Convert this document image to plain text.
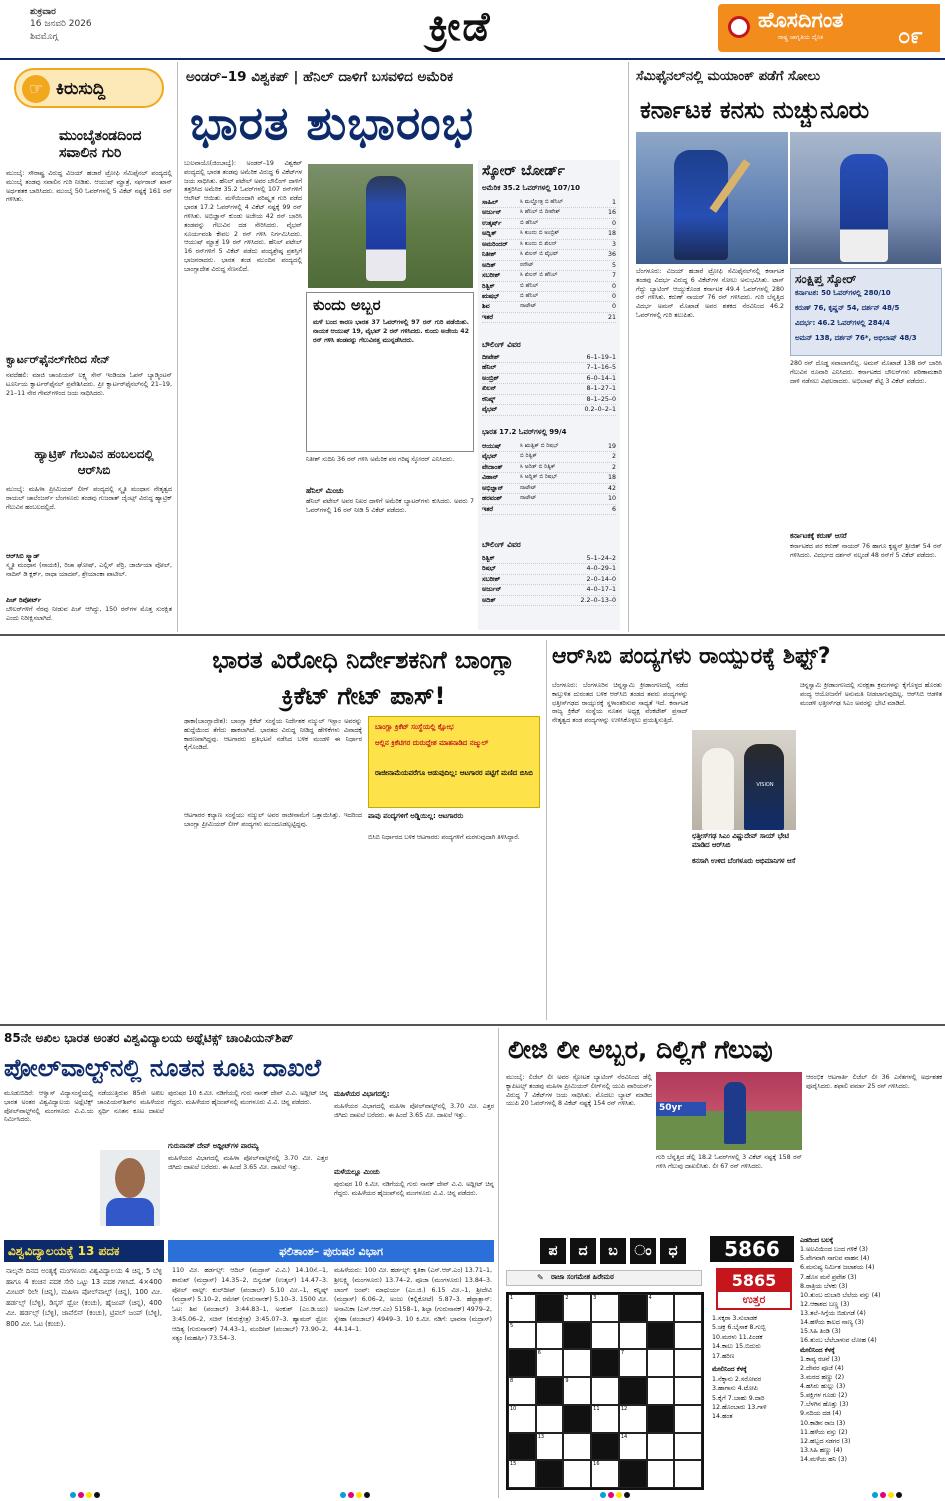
ಶುಕ್ರವಾರ
16 ಜನವರಿ 2026
ಶಿವಮೊಗ್ಗ	ಕ್ರೀಡೆ	ಹೊಸದಿಗಂತ
ರಾಷ್ಟ್ರ ಜಾಗೃತಿಯ ದೈನಿಕ	೦೯
☞ ಕಿರುಸುದ್ದಿ
ಮುಂಬೈತಂಡದಿಂದ ಸವಾಲಿನ ಗುರಿ
ಮುಂಬೈ: ಸೌರಾಷ್ಟ್ರ ವಿರುದ್ಧ ವಿಜಯ್ ಹಜಾರೆ ಟ್ರೋಫಿ ಸೆಮಿಫೈನಲ್ ಪಂದ್ಯದಲ್ಲಿ ಮುಂಬೈ ತಂಡವು ಸವಾಲಿನ ಗುರಿ ನೀಡಿತು. ಆಯುಷ್ ಮ್ಹಾತ್ರೆ, ಸರ್ಫರಾಜ್ ಖಾನ್ ಅರ್ಧಶತಕ ಬಾರಿಸಿದರು. ಮುಂಬೈ 50 ಓವರ್‌ಗಳಲ್ಲಿ 5 ವಿಕೆಟ್ ನಷ್ಟಕ್ಕೆ 161 ರನ್ ಗಳಿಸಿತು.
ಕ್ವಾರ್ಟರ್‌ಫೈನಲ್‌ಗೇರಿದ ಸೇನ್
ನವದೆಹಲಿ: ಮಾಜಿ ಚಾಂಪಿಯನ್ ಲಕ್ಷ್ಯ ಸೇನ್ ಇಂಡಿಯಾ ಓಪನ್ ಬ್ಯಾಡ್ಮಿಂಟನ್ ಟೂರ್ನಿಯ ಕ್ವಾರ್ಟರ್‌ಫೈನಲ್ ಪ್ರವೇಶಿಸಿದರು. ಪ್ರೀ ಕ್ವಾರ್ಟರ್‌ಫೈನಲ್‌ನಲ್ಲಿ 21–19, 21–11 ನೇರ ಗೇಮ್‌ಗಳಿಂದ ಜಯ ಸಾಧಿಸಿದರು.
ಹ್ಯಾಟ್ರಿಕ್ ಗೆಲುವಿನ ಹಂಬಲದಲ್ಲಿ ಆರ್‌ಸಿಬಿ
ಮುಂಬೈ: ಮಹಿಳಾ ಪ್ರೀಮಿಯರ್ ಲೀಗ್ ಪಂದ್ಯದಲ್ಲಿ ಸ್ಮೃತಿ ಮಂಧಾನ ನೇತೃತ್ವದ ರಾಯಲ್ ಚಾಲೆಂಜರ್ಸ್ ಬೆಂಗಳೂರು ತಂಡವು ಗುಜರಾತ್ ಜೈಂಟ್ಸ್ ವಿರುದ್ಧ ಹ್ಯಾಟ್ರಿಕ್ ಗೆಲುವಿನ ಹಂಬಲದಲ್ಲಿದೆ.
ಆರ್‌ಸಿಬಿ ಸ್ಕ್ವಾಡ್
ಸ್ಮೃತಿ ಮಂಧಾನ (ನಾಯಕಿ), ರಿಚಾ ಘೋಷ್, ಎಲ್ಲಿಸ್ ಪೆರ್ರಿ, ಜಾರ್ಜಿಯಾ ವೋಲ್, ನಾದಿನ್ ಡಿ ಕ್ಲರ್ಕ್, ರಾಧಾ ಯಾದವ್, ಶ್ರೇಯಾಂಕಾ ಪಾಟೀಲ್.
ಪಿಚ್ ರಿಪೋರ್ಟ್
ಬೌಲರ್‌ಗಳಿಗೆ ನೆರವು ನೀಡುವ ಪಿಚ್ ಆಗಿದ್ದು, 150 ರನ್‌ಗಳ ಮೊತ್ತ ಸುರಕ್ಷಿತ ಎಂದು ನಿರೀಕ್ಷಿಸಲಾಗಿದೆ.
ಅಂಡರ್–19 ವಿಶ್ವಕಪ್ | ಹೆನಿಲ್ ದಾಳಿಗೆ ಬಸವಳಿದ ಅಮೆರಿಕ
ಭಾರತ ಶುಭಾರಂಭ
ಬುಲವಾಯೊ(ಜಿಂಬಾಬ್ವೆ): ಅಂಡರ್–19 ವಿಶ್ವಕಪ್ ಪಂದ್ಯದಲ್ಲಿ ಭಾರತ ತಂಡವು ಅಮೆರಿಕ ವಿರುದ್ಧ 6 ವಿಕೆಟ್‌ಗಳ ಜಯ ಸಾಧಿಸಿತು. ಹೆನಿಲ್ ಪಟೇಲ್ ಅವರ ಬೌಲಿಂಗ್ ದಾಳಿಗೆ ತತ್ತರಿಸಿದ ಅಮೆರಿಕ 35.2 ಓವರ್‌ಗಳಲ್ಲಿ 107 ರನ್‌ಗಳಿಗೆ ಆಲೌಟ್ ಆಯಿತು. ಮಳೆಯಿಂದಾಗಿ ಪರಿಷ್ಕೃತ ಗುರಿ ಪಡೆದ ಭಾರತ 17.2 ಓವರ್‌ಗಳಲ್ಲಿ 4 ವಿಕೆಟ್ ನಷ್ಟಕ್ಕೆ 99 ರನ್ ಗಳಿಸಿತು. ಅಭಿಜ್ಞಾನ್ ಕುಂಡು ಅಜೇಯ 42 ರನ್ ಬಾರಿಸಿ ತಂಡವನ್ನು ಗೆಲುವಿನ ದಡ ಸೇರಿಸಿದರು. ವೈಭವ್ ಸೂರ್ಯವಂಶಿ ಕೇವಲ 2 ರನ್ ಗಳಿಸಿ ನಿರ್ಗಮಿಸಿದರು. ಆಯುಷ್ ಮ್ಹಾತ್ರೆ 19 ರನ್ ಗಳಿಸಿದರು. ಹೆನಿಲ್ ಪಟೇಲ್ 16 ರನ್‌ಗಳಿಗೆ 5 ವಿಕೆಟ್ ಪಡೆದು ಪಂದ್ಯಶ್ರೇಷ್ಠ ಪ್ರಶಸ್ತಿಗೆ ಭಾಜನರಾದರು. ಭಾರತ ತಂಡ ಮುಂದಿನ ಪಂದ್ಯದಲ್ಲಿ ಬಾಂಗ್ಲಾದೇಶ ವಿರುದ್ಧ ಸೆಣಸಲಿದೆ.
ಕುಂದು ಅಬ್ಬರ
ಮಳೆ ಬಂದ ಕಾರಣ ಭಾರತ 37 ಓವರ್‌ಗಳಲ್ಲಿ 97 ರನ್ ಗುರಿ ಪಡೆಯಿತು. ನಾಯಕ ಆಯುಷ್ 19, ವೈಭವ್ 2 ರನ್ ಗಳಿಸಿದರು. ಕುಂದು ಅಜೇಯ 42 ರನ್ ಗಳಿಸಿ ತಂಡವನ್ನು ಗೆಲುವಿನತ್ತ ಮುನ್ನಡೆಸಿದರು.
ನಿತೀಶ್ ಸುದಿನಿ 36 ರನ್ ಗಳಿಸಿ ಅಮೆರಿಕ ಪರ ಗರಿಷ್ಠ ಸ್ಕೋರರ್ ಎನಿಸಿದರು.
ಹೆನಿಲ್ ಮಿಂಚು
ಹೆನಿಲ್ ಪಟೇಲ್ ಅವರ ನಿಖರ ದಾಳಿಗೆ ಅಮೆರಿಕ ಬ್ಯಾಟರ್‌ಗಳು ಕುಸಿದರು. ಅವರು 7 ಓವರ್‌ಗಳಲ್ಲಿ 16 ರನ್ ನೀಡಿ 5 ವಿಕೆಟ್ ಪಡೆದರು.
ಸ್ಕೋರ್ ಬೋರ್ಡ್
ಅಮೆರಿಕ 35.2 ಓವರ್‌ಗಳಲ್ಲಿ 107/10
ಸಾಹಿಲ್	ಸಿ ಮಲ್ಹೋತ್ರ ಬಿ ಹೆನಿಲ್	1
ಅರ್ಜುನ್	ಸಿ ಹೆನಿಲ್ ಬಿ ದೀಪೇಶ್	16
ಉತ್ಕರ್ಷ್	ಬಿ ಹೆನಿಲ್	0
ಅದ್ನಿತ್	ಸಿ ಕುಂದು ಬಿ ಅಂಬ್ರಿಶ್	18
ಅಮರಿಂದರ್	ಸಿ ಕುಂದು ಬಿ ಖಿಲನ್	3
ನಿತೀಶ್	ಸಿ ಖಿಲನ್ ಬಿ ವೈಭವ್	36
ಅದಿತ್	ರನೌಟ್	5
ಸಬರೀಶ್	ಸಿ ಖಿಲನ್ ಬಿ ಹೆನಿಲ್	7
ರಿತ್ವಿಕ್	ಬಿ ಹೆನಿಲ್	0
ಋಷಭ್	ಬಿ ಹೆನಿಲ್	0
ಶಿವ	ನಾಟೌಟ್	0
ಇತರೆ	21
ಬೌಲಿಂಗ್ ವಿವರ
ದೀಪೇಶ್	6–1–19–1
ಹೆನಿಲ್	7–1–16–5
ಅಂಬ್ರಿಶ್	6–0–14–1
ಖಿಲನ್	8–1–27–1
ಕನಿಷ್ಕ್	8–1–25–0
ವೈಭವ್	0.2–0–2–1
ಭಾರತ 17.2 ಓವರ್‌ಗಳಲ್ಲಿ 99/4
ಆಯುಷ್	ಸಿ ಋತ್ವಿಕ್ ಬಿ ರಿಷಭ್	19
ವೈಭವ್	ಬಿ ರಿತ್ವಿಕ್	2
ವೇದಾಂತ್	ಸಿ ಅದಿತ್ ಬಿ ರಿತ್ವಿಕ್	2
ವಿಹಾನ್	ಸಿ ಅದ್ನಿತ್ ಬಿ ರಿಷಭ್	18
ಅಭಿಜ್ಞಾನ್	ನಾಟೌಟ್	42
ಹರವಂಶ್	ನಾಟೌಟ್	10
ಇತರೆ	6
ಬೌಲಿಂಗ್ ವಿವರ
ರಿತ್ವಿಕ್	5–1–24–2
ರಿಷಭ್	4–0–29–1
ಸಬರೀಶ್	2–0–14–0
ಅರ್ಜುನ್	4–0–17–1
ಅದಿತ್	2.2–0–13–0
ಸೆಮಿಫೈನಲ್‌ನಲ್ಲಿ ಮಯಾಂಕ್ ಪಡೆಗೆ ಸೋಲು
ಕರ್ನಾಟಕ ಕನಸು ನುಚ್ಚುನೂರು
ಬೆಂಗಳೂರು: ವಿಜಯ್ ಹಜಾರೆ ಟ್ರೋಫಿ ಸೆಮಿಫೈನಲ್‌ನಲ್ಲಿ ಕರ್ನಾಟಕ ತಂಡವು ವಿದರ್ಭ ವಿರುದ್ಧ 6 ವಿಕೆಟ್‌ಗಳ ಸೋಲು ಅನುಭವಿಸಿತು. ಟಾಸ್ ಗೆದ್ದು ಬ್ಯಾಟಿಂಗ್ ಆಯ್ದುಕೊಂಡ ಕರ್ನಾಟಕ 49.4 ಓವರ್‌ಗಳಲ್ಲಿ 280 ರನ್ ಗಳಿಸಿತು. ಕರುಣ್ ನಾಯರ್ 76 ರನ್ ಗಳಿಸಿದರು. ಗುರಿ ಬೆನ್ನತ್ತಿದ ವಿದರ್ಭ ಅಮನ್ ಮೊಖಾಡೆ ಅವರ ಶತಕದ ನೆರವಿನಿಂದ 46.2 ಓವರ್‌ಗಳಲ್ಲಿ ಗುರಿ ತಲುಪಿತು.
ಸಂಕ್ಷಿಪ್ತ ಸ್ಕೋರ್
ಕರ್ನಾಟಕ: 50 ಓವರ್‌ಗಳಲ್ಲಿ 280/10
ಕರುಣ್ 76, ಕೃಷ್ಣನ್ 54, ದರ್ಶನ್ 48/5
ವಿದರ್ಭ: 46.2 ಓವರ್‌ಗಳಲ್ಲಿ 284/4
ಅಮನ್ 138, ದರ್ಶನ್ 76*, ಅಭಿಲಾಷ್ 48/3
280 ರನ್ ದೊಡ್ಡ ಸವಾಲಾಗಲಿಲ್ಲ. ಅಮನ್ ಮೊಖಾಡೆ 138 ರನ್ ಬಾರಿಸಿ ಗೆಲುವಿನ ರೂವಾರಿ ಎನಿಸಿದರು. ಕರ್ನಾಟಕದ ಬೌಲರ್‌ಗಳು ಪರಿಣಾಮಕಾರಿ ದಾಳಿ ನಡೆಸಲು ವಿಫಲರಾದರು. ಅಭಿಲಾಷ್ ಶೆಟ್ಟಿ 3 ವಿಕೆಟ್ ಪಡೆದರು.
ಕರ್ನಾಟಕಕ್ಕೆ ಕರುಣ್ ಆಸರೆ
ಕರ್ನಾಟಕದ ಪರ ಕರುಣ್ ನಾಯರ್ 76 ಹಾಗೂ ಕೃಷ್ಣನ್ ಶ್ರೀಜಿತ್ 54 ರನ್ ಗಳಿಸಿದರು. ವಿದರ್ಭದ ದರ್ಶನ್ ನಲ್ಕಂಡೆ 48 ರನ್‌ಗೆ 5 ವಿಕೆಟ್ ಪಡೆದರು.
ಭಾರತ ವಿರೋಧಿ ನಿರ್ದೇಶಕನಿಗೆ ಬಾಂಗ್ಲಾ ಕ್ರಿಕೆಟ್ ಗೇಟ್ ಪಾಸ್!
ಢಾಕಾ(ಬಾಂಗ್ಲಾದೇಶ): ಬಾಂಗ್ಲಾ ಕ್ರಿಕೆಟ್ ಸಂಸ್ಥೆಯ ನಿರ್ದೇಶಕ ನಜ್ಮುಲ್ ಇಸ್ಲಾಂ ಅವರನ್ನು ಹುದ್ದೆಯಿಂದ ತೆಗೆದು ಹಾಕಲಾಗಿದೆ. ಭಾರತದ ವಿರುದ್ಧ ನೀಡಿದ್ದ ಹೇಳಿಕೆಗಳು ವಿವಾದಕ್ಕೆ ಕಾರಣವಾಗಿದ್ದವು. ಆಟಗಾರರು ಪ್ರತಿಭಟನೆ ನಡೆಸಿದ ಬಳಿಕ ಮಂಡಳಿ ಈ ನಿರ್ಧಾರ ಕೈಗೊಂಡಿದೆ.
ಬಾಂಗ್ಲಾ ಕ್ರಿಕೆಟ್ ಸಂಸ್ಥೆಯಲ್ಲಿ ಕ್ಷೋಭ
ಆಲ್ಲಿನ ಕ್ರಿಕೆಟಿಗರ ದುರುದ್ದೇಶ ಮಾತನಾಡಿದ ನಜ್ಮುಲ್
ರಾಜೀನಾಮೆಯವರೆಗೂ ಆಡುವುದಿಲ್ಲ: ಆಟಗಾರರ ಪಟ್ಟಿಗೆ ಮಣಿದ ಬಿಸಿಬಿ
ಆಟಗಾರರ ಕಲ್ಯಾಣ ಸಂಸ್ಥೆಯು ನಜ್ಮುಲ್ ಅವರ ರಾಜೀನಾಮೆಗೆ ಒತ್ತಾಯಿಸಿತ್ತು. ಇದರಿಂದ ಬಾಂಗ್ಲಾ ಪ್ರೀಮಿಯರ್ ಲೀಗ್ ಪಂದ್ಯಗಳು ಮುಂದೂಡಲ್ಪಟ್ಟಿದ್ದವು.
ಪಾವು ಪಂದ್ಯಗಳಿಗೆ ಅಡ್ಡಿಯಿಲ್ಲ: ಆಟಗಾರರು
ಬಿಸಿಬಿ ನಿರ್ಧಾರದ ಬಳಿಕ ಆಟಗಾರರು ಪಂದ್ಯಗಳಿಗೆ ಮರಳುವುದಾಗಿ ತಿಳಿಸಿದ್ದಾರೆ.
ಆರ್‌ಸಿಬಿ ಪಂದ್ಯಗಳು ರಾಯ್ಪುರಕ್ಕೆ ಶಿಫ್ಟ್?
ಬೆಂಗಳೂರು: ಬೆಂಗಳೂರಿನ ಚಿನ್ನಸ್ವಾಮಿ ಕ್ರೀಡಾಂಗಣದಲ್ಲಿ ನಡೆದ ಕಾಲ್ತುಳಿತ ದುರಂತದ ಬಳಿಕ ಆರ್‌ಸಿಬಿ ತಂಡದ ತವರು ಪಂದ್ಯಗಳನ್ನು ಛತ್ತೀಸ್‌ಗಢದ ರಾಯ್ಪುರಕ್ಕೆ ಸ್ಥಳಾಂತರಿಸುವ ಸಾಧ್ಯತೆ ಇದೆ. ಕರ್ನಾಟಕ ರಾಜ್ಯ ಕ್ರಿಕೆಟ್ ಸಂಸ್ಥೆಯ ನೂತನ ಅಧ್ಯಕ್ಷ ವೆಂಕಟೇಶ್ ಪ್ರಸಾದ್ ನೇತೃತ್ವದ ತಂಡ ಪಂದ್ಯಗಳನ್ನು ಉಳಿಸಿಕೊಳ್ಳಲು ಪ್ರಯತ್ನಿಸುತ್ತಿದೆ.
VISION
ಛತ್ತೀಸ್‌ಗಢ ಸಿಎಂ ವಿಷ್ಣುದೇವ್ ಸಾಯ್ ಭೇಟಿ ಮಾಡಿದ ಆರ್‌ಸಿಬಿ
ಕನಸಾಗಿ ಉಳಿದ ಬೆಂಗಳೂರು ಅಭಿಮಾನಿಗಳ ಆಸೆ
ಚಿನ್ನಸ್ವಾಮಿ ಕ್ರೀಡಾಂಗಣದಲ್ಲಿ ಸುರಕ್ಷತಾ ಕ್ರಮಗಳನ್ನು ಕೈಗೊಳ್ಳದ ಹೊರತು ಪಂದ್ಯ ಆಯೋಜನೆಗೆ ಅನುಮತಿ ನೀಡಲಾಗುವುದಿಲ್ಲ. ಆರ್‌ಸಿಬಿ ಆಡಳಿತ ಮಂಡಳಿ ಛತ್ತೀಸ್‌ಗಢ ಸಿಎಂ ಅವರನ್ನು ಭೇಟಿ ಮಾಡಿದೆ.
85ನೇ ಅಖಿಲ ಭಾರತ ಅಂತರ ವಿಶ್ವವಿದ್ಯಾಲಯ ಅಥ್ಲೆಟಿಕ್ಸ್ ಚಾಂಪಿಯನ್‌ಶಿಪ್
ಪೋಲ್‌ವಾಲ್ಟ್‌ನಲ್ಲಿ ನೂತನ ಕೂಟ ದಾಖಲೆ
ಮೂಡುಬಿದಿರೆ: ಆಳ್ವಾಸ್ ವಿದ್ಯಾಸಂಸ್ಥೆಯಲ್ಲಿ ನಡೆಯುತ್ತಿರುವ 85ನೇ ಅಖಿಲ ಭಾರತ ಅಂತರ ವಿಶ್ವವಿದ್ಯಾಲಯ ಅಥ್ಲೆಟಿಕ್ಸ್ ಚಾಂಪಿಯನ್‌ಶಿಪ್‌ನ ಮಹಿಳೆಯರ ಪೋಲ್‌ವಾಲ್ಟ್‌ನಲ್ಲಿ ಮಂಗಳೂರು ವಿ.ವಿ.ಯ ಸ್ಪರ್ಧಿ ನೂತನ ಕೂಟ ದಾಖಲೆ ನಿರ್ಮಿಸಿದರು.
ಪುರುಷರ 10 ಕಿ.ಮೀ. ನಡಿಗೆಯಲ್ಲಿ ಗುರು ನಾನಕ್ ದೇವ್ ವಿ.ವಿ. ಅಥ್ಲೀಟ್ ಚಿನ್ನ ಗೆದ್ದರು. ಮಹಿಳೆಯರ ಹೈಜಂಪ್‌ನಲ್ಲಿ ಮಂಗಳೂರು ವಿ.ವಿ. ಚಿನ್ನ ಪಡೆದರು.
ಗುರುನಾನಕ್ ದೇವ್ ಅಥ್ಲೀಟ್‌ಗಳ ಪಾರಮ್ಯ
ಮಹಿಳೆಯರ ವಿಭಾಗದಲ್ಲಿ ಮಹಿಳಾ ಪೋಲ್‌ವಾಲ್ಟ್‌ನಲ್ಲಿ 3.70 ಮೀ. ಎತ್ತರ ಜಿಗಿದು ದಾಖಲೆ ಬರೆದರು. ಈ ಹಿಂದೆ 3.65 ಮೀ. ದಾಖಲೆ ಇತ್ತು.
ಮಹಿಳೆಯರ ವಿಭಾಗದಲ್ಲಿ:
ಮಹಿಳೆಯರ ವಿಭಾಗದಲ್ಲಿ ಮಹಿಳಾ ಪೋಲ್‌ವಾಲ್ಟ್‌ನಲ್ಲಿ 3.70 ಮೀ. ಎತ್ತರ ಜಿಗಿದು ದಾಖಲೆ ಬರೆದರು. ಈ ಹಿಂದೆ 3.65 ಮೀ. ದಾಖಲೆ ಇತ್ತು.
ಮಳೆಯಲ್ಲೂ ಮಿಂಚು
ಪುರುಷರ 10 ಕಿ.ಮೀ. ನಡಿಗೆಯಲ್ಲಿ ಗುರು ನಾನಕ್ ದೇವ್ ವಿ.ವಿ. ಅಥ್ಲೀಟ್ ಚಿನ್ನ ಗೆದ್ದರು. ಮಹಿಳೆಯರ ಹೈಜಂಪ್‌ನಲ್ಲಿ ಮಂಗಳೂರು ವಿ.ವಿ. ಚಿನ್ನ ಪಡೆದರು.
ವಿಶ್ವವಿದ್ಯಾಲಯಕ್ಕೆ 13 ಪದಕ
ನಾಲ್ಕನೇ ದಿನದ ಅಂತ್ಯಕ್ಕೆ ಮಂಗಳೂರು ವಿಶ್ವವಿದ್ಯಾಲಯ 4 ಚಿನ್ನ, 5 ಬೆಳ್ಳಿ ಹಾಗೂ 4 ಕಂಚಿನ ಪದಕ ಸೇರಿ ಒಟ್ಟು 13 ಪದಕ ಗಳಿಸಿದೆ. 4×400 ಮೀಟರ್ ರಿಲೇ (ಚಿನ್ನ), ಮಹಿಳಾ ಪೋಲ್‌ವಾಲ್ಟ್ (ಚಿನ್ನ), 100 ಮೀ. ಹರ್ಡಲ್ಸ್ (ಬೆಳ್ಳಿ), ಡಿಸ್ಕಸ್ ಥ್ರೋ (ಕಂಚು), ಹೈಜಂಪ್ (ಚಿನ್ನ), 400 ಮೀ. ಹರ್ಡಲ್ಸ್ (ಬೆಳ್ಳಿ), ಜಾವೆಲಿನ್ (ಕಂಚು), ಟ್ರಿಪಲ್ ಜಂಪ್ (ಬೆಳ್ಳಿ), 800 ಮೀ. ಓಟ (ಕಂಚು).
ಫಲಿತಾಂಶ– ಪುರುಷರ ವಿಭಾಗ
110 ಮೀ. ಹರ್ಡಲ್ಸ್: ಆದಿಲ್ (ಮದ್ರಾಸ್ ವಿ.ವಿ.) 14.10ಸೆ.–1, ಶಾರುಖ್ (ಮದ್ರಾಸ್) 14.35–2, ಬಿಸ್ವಜಿತ್ (ಉತ್ಕಲ್) 14.47–3. ಪೋಲ್ ವಾಲ್ಟ್: ಕುಲ್‌ದೀಪ್ (ಪಂಜಾಬ್) 5.10 ಮೀ.–1, ಕನ್ನಿಷ್ಕ್ (ಮದ್ರಾಸ್) 5.10–2, ರಮೇಶ್ (ಗುರುನಾನಕ್) 5.10–3. 1500 ಮೀ. ಓಟ: ಶಿವ (ಪಂಜಾಬ್) 3:44.83–1, ಅಂಕುಶ್ (ಎಂ.ಡಿ.ಯು) 3:45.06–2, ಸಚಿನ್ (ಕುರುಕ್ಷೇತ್ರ) 3:45.07–3. ಹ್ಯಾಮರ್ ಥ್ರೋ: ಆದಿತ್ಯ (ಗುರುನಾನಕ್) 74.43–1, ಮಂದೀಪ್ (ಪಂಜಾಬ್) 73.90–2, ಸತ್ಯಂ (ಮಹರ್ಷಿ) 73.54–3.
ಮಹಿಳೆಯರು: 100 ಮೀ. ಹರ್ಡಲ್ಸ್: ಕೃತಿಕಾ (ಎಸ್.ಆರ್.ಎಂ) 13.71–1, ಶ್ರೀಲಕ್ಷ್ಮಿ (ಮಂಗಳೂರು) 13.74–2, ಪೂಜಾ (ಮಂಗಳೂರು) 13.84–3. ಲಾಂಗ್ ಜಂಪ್: ಮಾಧುರ್ಯ (ಎಂ.ಜಿ.) 6.15 ಮೀ.–1, ಶ್ರೀದೇವಿ (ಮದ್ರಾಸ್) 6.06–2, ಅಂಜು (ಕಲ್ಲಿಕೋಟೆ) 5.87–3. ಹೆಪ್ಟಾತ್ಲಾನ್: ಅನಾಮಿಕಾ (ಎಸ್.ಆರ್.ಎಂ) 5158–1, ಶಿಲ್ಪಾ (ಗುರುನಾನಕ್) 4979–2, ಸ್ನೇಹಾ (ಪಂಜಾಬ್) 4949–3. 10 ಕಿ.ಮೀ. ನಡಿಗೆ: ಭಾವನಾ (ಮದ್ರಾಸ್) 44.14–1.
ಲೀಜಿ ಲೀ ಅಬ್ಬರ, ದಿಲ್ಲಿಗೆ ಗೆಲುವು
ಮುಂಬೈ: ಲಿಜೆಲ್ ಲೀ ಅವರ ಸ್ಫೋಟಕ ಬ್ಯಾಟಿಂಗ್ ನೆರವಿನಿಂದ ಡೆಲ್ಲಿ ಕ್ಯಾಪಿಟಲ್ಸ್ ತಂಡವು ಮಹಿಳಾ ಪ್ರೀಮಿಯರ್ ಲೀಗ್‌ನಲ್ಲಿ ಯುಪಿ ವಾರಿಯರ್ಸ್ ವಿರುದ್ಧ 7 ವಿಕೆಟ್‌ಗಳ ಜಯ ಸಾಧಿಸಿತು. ಮೊದಲು ಬ್ಯಾಟ್ ಮಾಡಿದ ಯುಪಿ 20 ಓವರ್‌ಗಳಲ್ಲಿ 8 ವಿಕೆಟ್ ನಷ್ಟಕ್ಕೆ 154 ರನ್ ಗಳಿಸಿತು.	50yr
ಗುರಿ ಬೆನ್ನತ್ತಿದ ಡೆಲ್ಲಿ 18.2 ಓವರ್‌ಗಳಲ್ಲಿ 3 ವಿಕೆಟ್ ನಷ್ಟಕ್ಕೆ 158 ರನ್ ಗಳಿಸಿ ಗೆಲುವು ದಾಖಲಿಸಿತು. ಲೀ 67 ರನ್ ಗಳಿಸಿದರು.
ಆರಂಭಿಕ ಆಟಗಾರ್ತಿ ಲಿಜೆಲ್ ಲೀ 36 ಎಸೆತಗಳಲ್ಲಿ ಅರ್ಧಶತಕ ಪೂರೈಸಿದರು. ಶಫಾಲಿ ವರ್ಮಾ 25 ರನ್ ಗಳಿಸಿದರು.
ಪ	ದ	ಬ	ಂ	ಧ	5866
✎	ರಾಜಾ ಸಂಗಮೇಶ ಹಿರೇಮಠ	5865
ಉತ್ತರ
1	2	3	4
5
6	7
8	9
10	11	12
13	14
15	16
1.ಸಕ್ಕರಾ 3.ಸುಲಾಡಕ
5.ಚಕ್ರ 6.ಬೈಸಾಕ 8.ಗುಬ್ಬಿ
10.ಮರಳು 11.ಪಿಂಡಕ
14.ಕಾಲು 15.ಬಿದುರು
17.ಹರಿಣ
ಮೇಲಿನಿಂದ ಕೆಳಕ್ಕೆ
1.ನೆಕ್ಕಾನು 2.ಸರೋವರ
3.ಹಾಗಾಸು 4.ಟೋಪಿ
5.ಕೈಗೆ 7.ಬಾಹು 9.ದಾರಿ
12.ಹೊಂಬಾರು 13.ಗಾಳಿ
14.ಹಂತ
ಎಡದಿಂದ ಬಲಕ್ಕೆ
1.ಅಲವಿಯಿಂದ ಬಂದ ಗಳಿಕೆ (3)
5.ವೇಗವಾಗಿ ಸಾಗುವ ವಾಹನ (4)
6.ಮನುಷ್ಯ ನಿರ್ಮಿತ ಜಲಾಶಯ (4)
7.ಹೊಸ ಮನೆ ಪ್ರವೇಶ (3)
8.ರಾತ್ರಿಯ ಬೆಳಕು (3)
10.ತುಂಬ ದುಬಾರಿ ಬೆಲೆಯ ವಸ್ತು (4)
12.ಆಕಾಶದ ಬಣ್ಣ (3)
13.ತಲೆ–ಸಿಗ್ಗೆಯ ಬಿಡುಗಡೆ (4)
14.ಹಳೆಯ ಕಾಲದ ನಾಣ್ಯ (3)
15.ಸಿಹಿ ತಿಂಡಿ (3)
16.ತುಂಬ ಬೆಲೆಬಾಳುವ ಲೋಹ (4)
ಮೇಲಿನಿಂದ ಕೆಳಕ್ಕೆ
1.ಕಾವ್ಯ ರಚನೆ (3)
2.ದೇವರ ಪೂಜೆ (4)
3.ಮರದ ಹಣ್ಣು (2)
4.ಹಸಿರು ಹುಲ್ಲು (3)
5.ಪಕ್ಷಿಗಳ ಗೂಡು (2)
7.ಬೆಳಗಿನ ಹೊತ್ತು (3)
9.ನದಿಯ ದಡ (4)
10.ಕಾಡಿನ ರಾಜ (3)
11.ಹಳೆಯ ವಸ್ತು (2)
12.ಹಬ್ಬದ ಸಡಗರ (3)
13.ಸಿಹಿ ಹಣ್ಣು (4)
14.ಮಳೆಯ ಹನಿ (3)
